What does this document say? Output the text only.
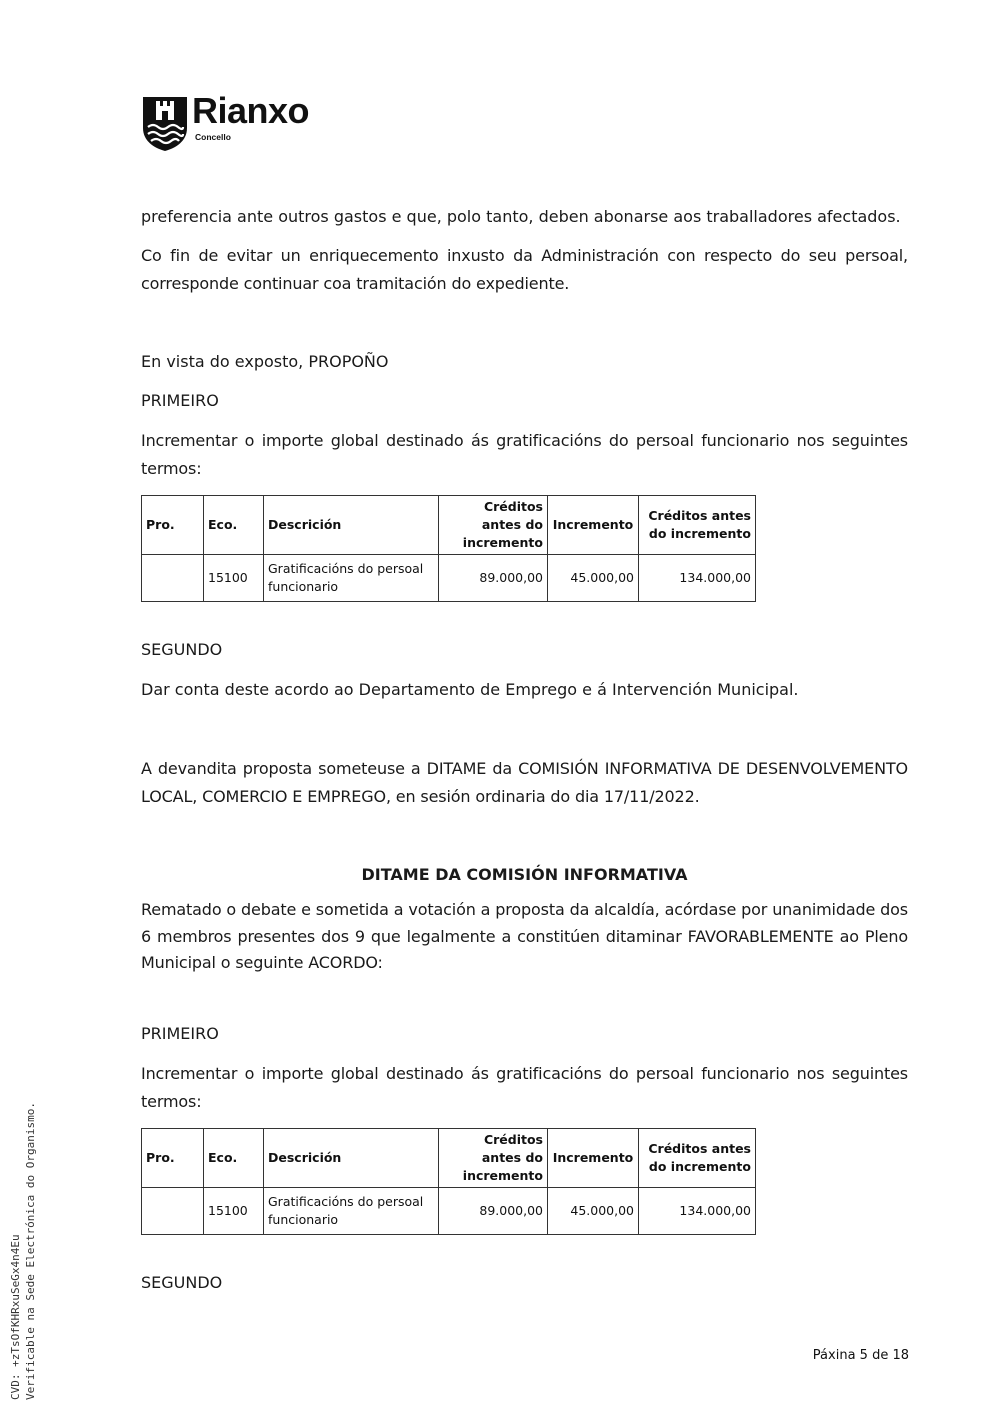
Rianxo
Concello

preferencia ante outros gastos e que, polo tanto, deben abonarse aos traballadores afectados.

Co fin de evitar un enriquecemento inxusto da Administración con respecto do seu persoal, corresponde continuar coa tramitación do expediente.

En vista do exposto, PROPOÑO

PRIMEIRO

Incrementar o importe global destinado ás gratificacións do persoal funcionario nos seguintes termos:

Pro.	Eco.	Descrición	Créditos antes do incremento	Incremento	Créditos antes do incremento
	15100	Gratificacións do persoal funcionario	89.000,00	45.000,00	134.000,00

SEGUNDO

Dar conta deste acordo ao Departamento de Emprego e á Intervención Municipal.

A devandita proposta someteuse a DITAME da COMISIÓN INFORMATIVA DE DESENVOLVEMENTO LOCAL, COMERCIO E EMPREGO, en sesión ordinaria do dia 17/11/2022.

DITAME DA COMISIÓN INFORMATIVA

Rematado o debate e sometida a votación a proposta da alcaldía, acórdase por unanimidade dos 6 membros presentes dos 9 que legalmente a constitúen ditaminar FAVORABLEMENTE ao Pleno Municipal o seguinte ACORDO:

PRIMEIRO

Incrementar o importe global destinado ás gratificacións do persoal funcionario nos seguintes termos:

Pro.	Eco.	Descrición	Créditos antes do incremento	Incremento	Créditos antes do incremento
	15100	Gratificacións do persoal funcionario	89.000,00	45.000,00	134.000,00

SEGUNDO

Páxina 5 de 18
CVD: +zTsOfKHRxuSeGx4n4Eu Verificable na Sede Electrónica do Organismo.
